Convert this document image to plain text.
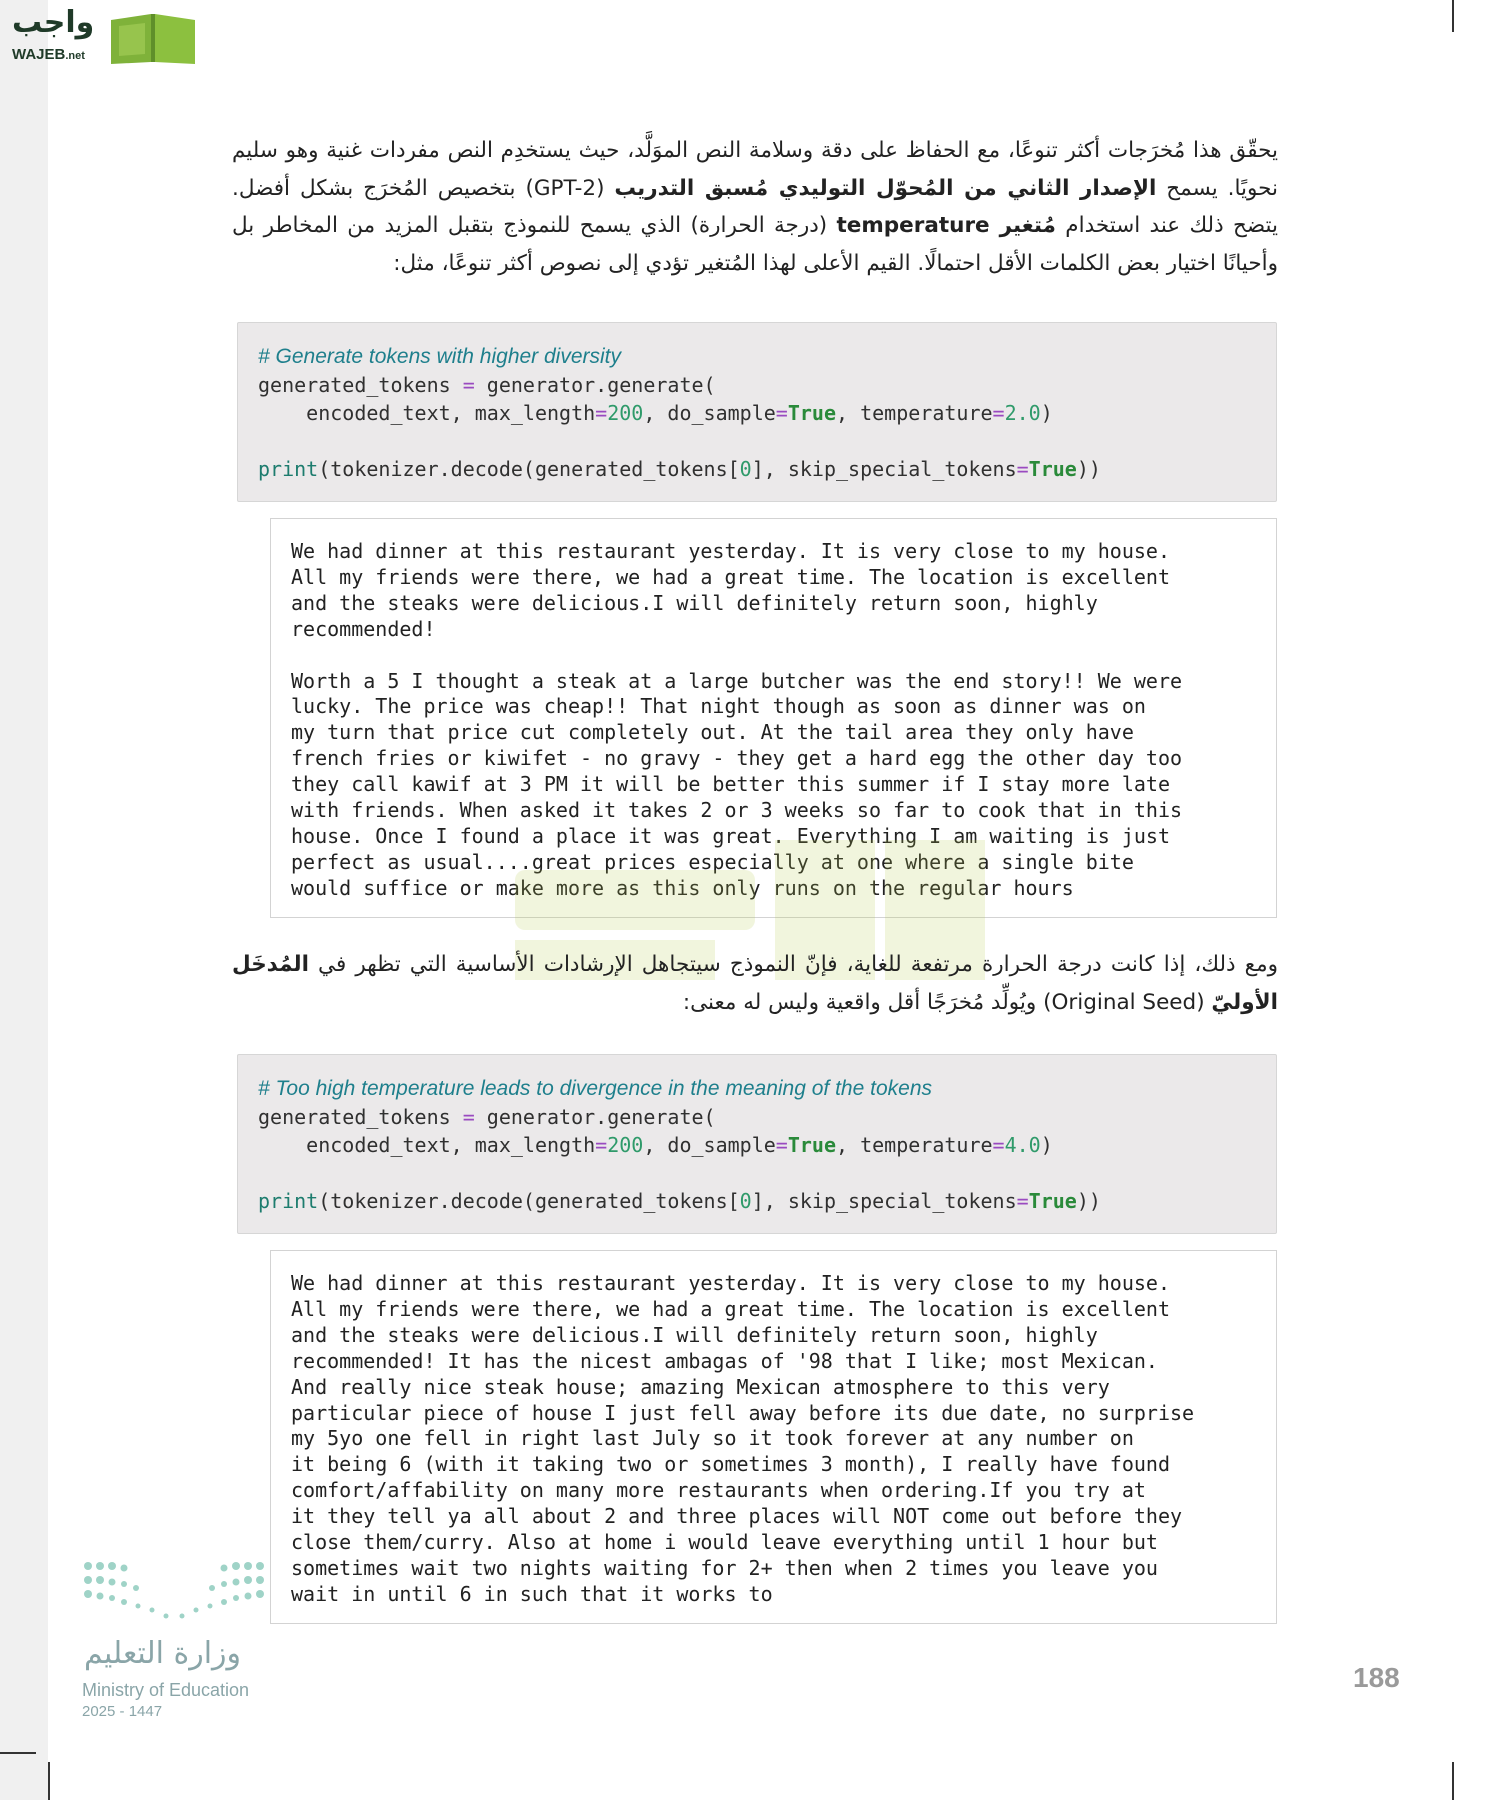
واجب
WAJEB.net

يحقّق هذا مُخرَجات أكثر تنوعًا، مع الحفاظ على دقة وسلامة النص الموَلَّد، حيث يستخدِم النص مفردات غنية وهو سليم نحويًا. يسمح الإصدار الثاني من المُحوّل التوليدي مُسبق التدريب (GPT-2) بتخصيص المُخرَج بشكل أفضل. يتضح ذلك عند استخدام مُتغير temperature (درجة الحرارة) الذي يسمح للنموذج بتقبل المزيد من المخاطر بل وأحيانًا اختيار بعض الكلمات الأقل احتمالًا. القيم الأعلى لهذا المُتغير تؤدي إلى نصوص أكثر تنوعًا، مثل:

# Generate tokens with higher diversity
generated_tokens = generator.generate(
encoded_text, max_length=200, do_sample=True, temperature=2.0)
print(tokenizer.decode(generated_tokens[0], skip_special_tokens=True))
We had dinner at this restaurant yesterday. It is very close to my house.
All my friends were there, we had a great time. The location is excellent
and the steaks were delicious.I will definitely return soon, highly
recommended!

Worth a 5 I thought a steak at a large butcher was the end story!! We were
lucky. The price was cheap!! That night though as soon as dinner was on
my turn that price cut completely out. At the tail area they only have
french fries or kiwifet - no gravy - they get a hard egg the other day too
they call kawif at 3 PM it will be better this summer if I stay more late
with friends. When asked it takes 2 or 3 weeks so far to cook that in this
house. Once I found a place it was great. Everything I am waiting is just
perfect as usual....great prices especially at one where a single bite
would suffice or make more as this only runs on the regular hours

ومع ذلك، إذا كانت درجة الحرارة مرتفعة للغاية، فإنّ النموذج سيتجاهل الإرشادات الأساسية التي تظهر في المُدخَل الأوليّ (Original Seed) ويُولِّد مُخرَجًا أقل واقعية وليس له معنى:

# Too high temperature leads to divergence in the meaning of the tokens
generated_tokens = generator.generate(
encoded_text, max_length=200, do_sample=True, temperature=4.0)
print(tokenizer.decode(generated_tokens[0], skip_special_tokens=True))
We had dinner at this restaurant yesterday. It is very close to my house.
All my friends were there, we had a great time. The location is excellent
and the steaks were delicious.I will definitely return soon, highly
recommended! It has the nicest ambagas of '98 that I like; most Mexican.
And really nice steak house; amazing Mexican atmosphere to this very
particular piece of house I just fell away before its due date, no surprise
my 5yo one fell in right last July so it took forever at any number on
it being 6 (with it taking two or sometimes 3 month), I really have found
comfort/affability on many more restaurants when ordering.If you try at
it they tell ya all about 2 and three places will NOT come out before they
close them/curry. Also at home i would leave everything until 1 hour but
sometimes wait two nights waiting for 2+ then when 2 times you leave you
wait in until 6 in such that it works to
وزارة التعليم
Ministry of Education
2025 - 1447
188
